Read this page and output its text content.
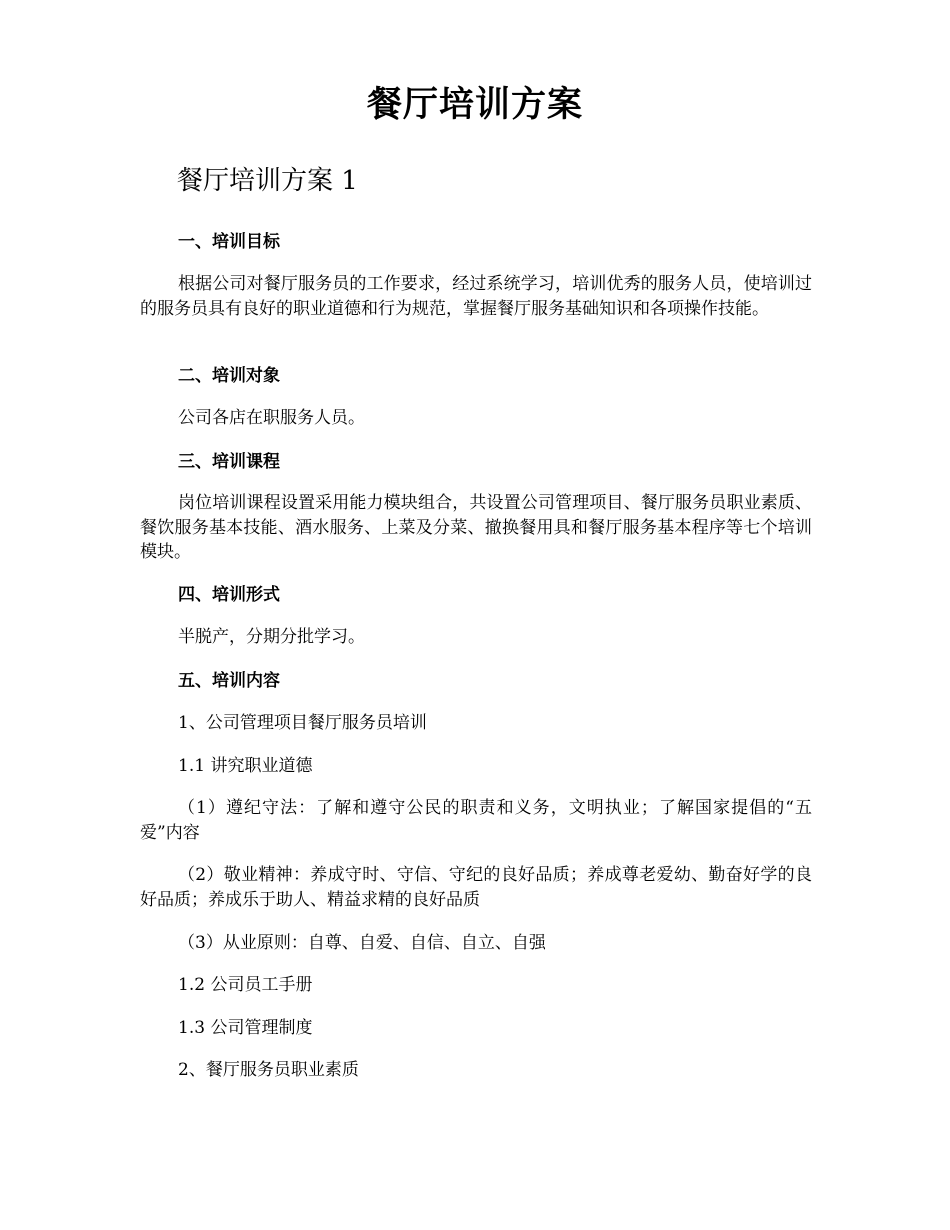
餐厅培训方案
餐厅培训方案 1
一、培训目标

根据公司对餐厅服务员的工作要求，经过系统学习，培训优秀的服务人员，使培训过的服务员具有良好的职业道德和行为规范，掌握餐厅服务基础知识和各项操作技能。

二、培训对象

公司各店在职服务人员。

三、培训课程

岗位培训课程设置采用能力模块组合，共设置公司管理项目、餐厅服务员职业素质、餐饮服务基本技能、酒水服务、上菜及分菜、撤换餐用具和餐厅服务基本程序等七个培训模块。

四、培训形式

半脱产，分期分批学习。

五、培训内容

1、公司管理项目餐厅服务员培训

1.1 讲究职业道德

（1）遵纪守法：了解和遵守公民的职责和义务，文明执业；了解国家提倡的“五爱”内容

（2）敬业精神：养成守时、守信、守纪的良好品质；养成尊老爱幼、勤奋好学的良好品质；养成乐于助人、精益求精的良好品质

（3）从业原则：自尊、自爱、自信、自立、自强

1.2 公司员工手册

1.3 公司管理制度

2、餐厅服务员职业素质
